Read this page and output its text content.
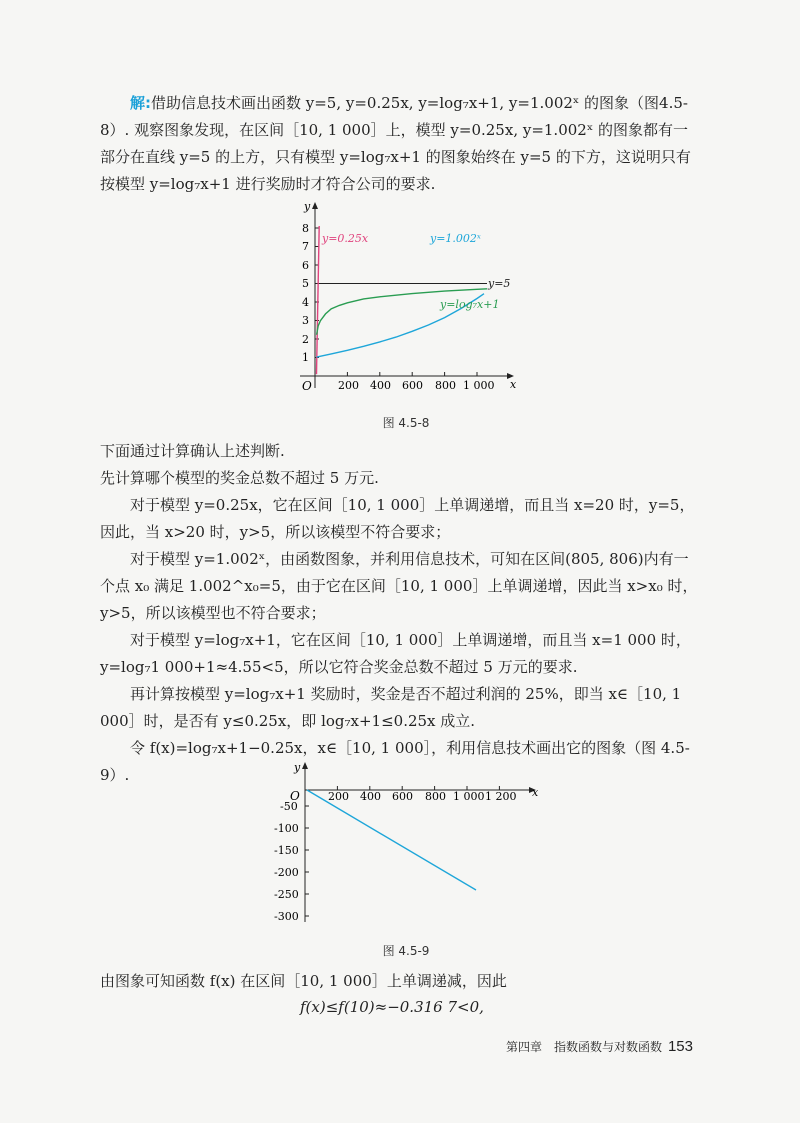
解:借助信息技术画出函数 y=5, y=0.25x, y=log₇x+1, y=1.002ˣ 的图象（图4.5-8）. 观察图象发现，在区间［10, 1 000］上，模型 y=0.25x, y=1.002ˣ 的图象都有一部分在直线 y=5 的上方，只有模型 y=log₇x+1 的图象始终在 y=5 的下方，这说明只有按模型 y=log₇x+1 进行奖励时才符合公司的要求.

y
x
O
1
2
3
4
5
6
7
8
200 400 600 800 1 000
y=0.25x	y=1.002ˣ
y=5
y=log₇x+1
图 4.5-8

下面通过计算确认上述判断.

先计算哪个模型的奖金总数不超过 5 万元.

对于模型 y=0.25x，它在区间［10, 1 000］上单调递增，而且当 x=20 时，y=5，因此，当 x>20 时，y>5，所以该模型不符合要求；

对于模型 y=1.002ˣ，由函数图象，并利用信息技术，可知在区间(805, 806)内有一个点 x₀ 满足 1.002^x₀=5，由于它在区间［10, 1 000］上单调递增，因此当 x>x₀ 时，y>5，所以该模型也不符合要求；

对于模型 y=log₇x+1，它在区间［10, 1 000］上单调递增，而且当 x=1 000 时，y=log₇1 000+1≈4.55<5，所以它符合奖金总数不超过 5 万元的要求.

再计算按模型 y=log₇x+1 奖励时，奖金是否不超过利润的 25%，即当 x∈［10, 1 000］时，是否有 y≤0.25x，即 log₇x+1≤0.25x 成立.

令 f(x)=log₇x+1−0.25x，x∈［10, 1 000］，利用信息技术画出它的图象（图 4.5-9）.	y
x
O	200 400 600 800 1 000 1 200
-50
-100
-150
-200
-250
-300
图 4.5-9

由图象可知函数 f(x) 在区间［10, 1 000］上单调递减，因此

f(x)≤f(10)≈−0.316 7<0,
第四章　指数函数与对数函数 153
